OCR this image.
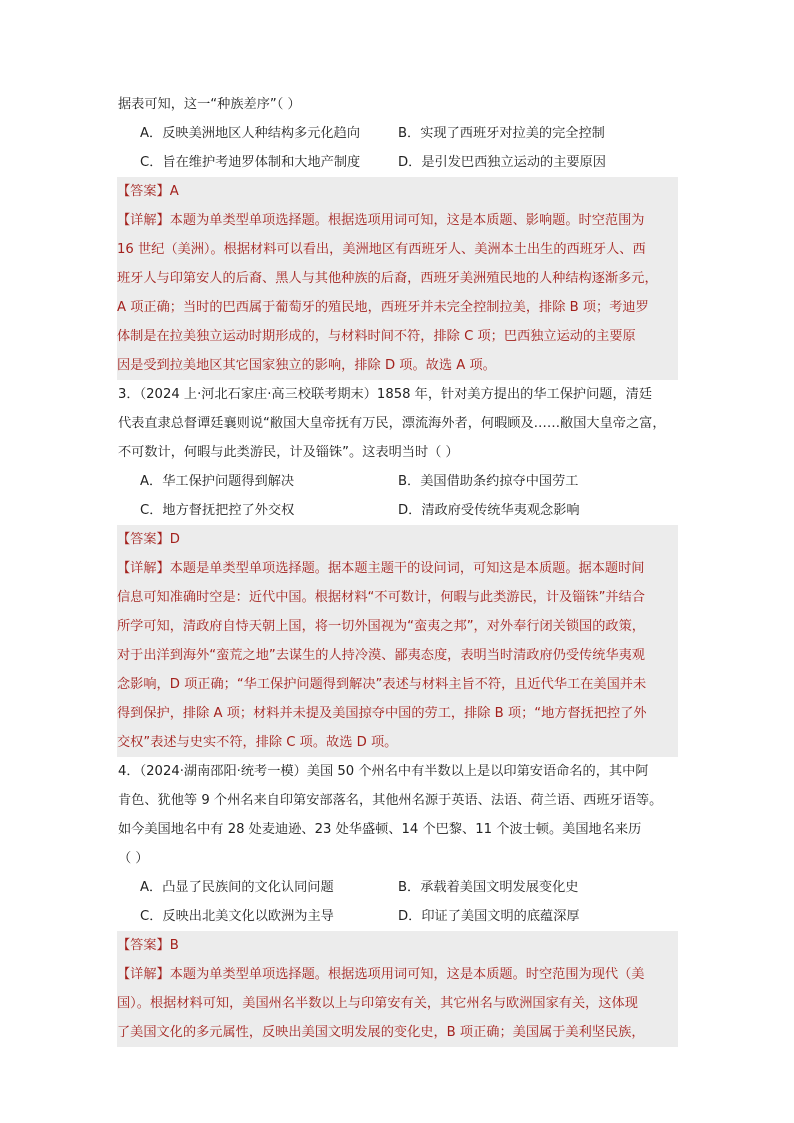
据表可知，这一“种族差序”（ ）
A．反映美洲地区人种结构多元化趋向	B．实现了西班牙对拉美的完全控制
C．旨在维护考迪罗体制和大地产制度	D．是引发巴西独立运动的主要原因
【答案】A
【详解】本题为单类型单项选择题。根据选项用词可知，这是本质题、影响题。时空范围为
16 世纪（美洲）。根据材料可以看出，美洲地区有西班牙人、美洲本土出生的西班牙人、西
班牙人与印第安人的后裔、黑人与其他种族的后裔，西班牙美洲殖民地的人种结构逐渐多元，
A 项正确；当时的巴西属于葡萄牙的殖民地，西班牙并未完全控制拉美，排除 B 项；考迪罗
体制是在拉美独立运动时期形成的，与材料时间不符，排除 C 项；巴西独立运动的主要原
因是受到拉美地区其它国家独立的影响，排除 D 项。故选 A 项。
3．（2024 上·河北石家庄·高三校联考期末）1858 年，针对美方提出的华工保护问题，清廷
代表直隶总督谭廷襄则说“敝国大皇帝抚有万民，漂流海外者，何暇顾及……敝国大皇帝之富，
不可数计，何暇与此类游民，计及锱铢”。这表明当时（ ）
A．华工保护问题得到解决	B．美国借助条约掠夺中国劳工
C．地方督抚把控了外交权	D．清政府受传统华夷观念影响
【答案】D
【详解】本题是单类型单项选择题。据本题主题干的设问词，可知这是本质题。据本题时间
信息可知准确时空是：近代中国。根据材料“不可数计，何暇与此类游民，计及锱铢”并结合
所学可知，清政府自恃天朝上国，将一切外国视为“蛮夷之邦”，对外奉行闭关锁国的政策，
对于出洋到海外“蛮荒之地”去谋生的人持冷漠、鄙夷态度，表明当时清政府仍受传统华夷观
念影响，D 项正确；“华工保护问题得到解决”表述与材料主旨不符，且近代华工在美国并未
得到保护，排除 A 项；材料并未提及美国掠夺中国的劳工，排除 B 项；“地方督抚把控了外
交权”表述与史实不符，排除 C 项。故选 D 项。
4．（2024·湖南邵阳·统考一模）美国 50 个州名中有半数以上是以印第安语命名的，其中阿
肯色、犹他等 9 个州名来自印第安部落名，其他州名源于英语、法语、荷兰语、西班牙语等。
如今美国地名中有 28 处麦迪逊、23 处华盛顿、14 个巴黎、11 个波士顿。美国地名来历
（ ）
A．凸显了民族间的文化认同问题	B．承载着美国文明发展变化史
C．反映出北美文化以欧洲为主导	D．印证了美国文明的底蕴深厚
【答案】B
【详解】本题为单类型单项选择题。根据选项用词可知，这是本质题。时空范围为现代（美
国）。根据材料可知，美国州名半数以上与印第安有关，其它州名与欧洲国家有关，这体现
了美国文化的多元属性，反映出美国文明发展的变化史，B 项正确；美国属于美利坚民族，
